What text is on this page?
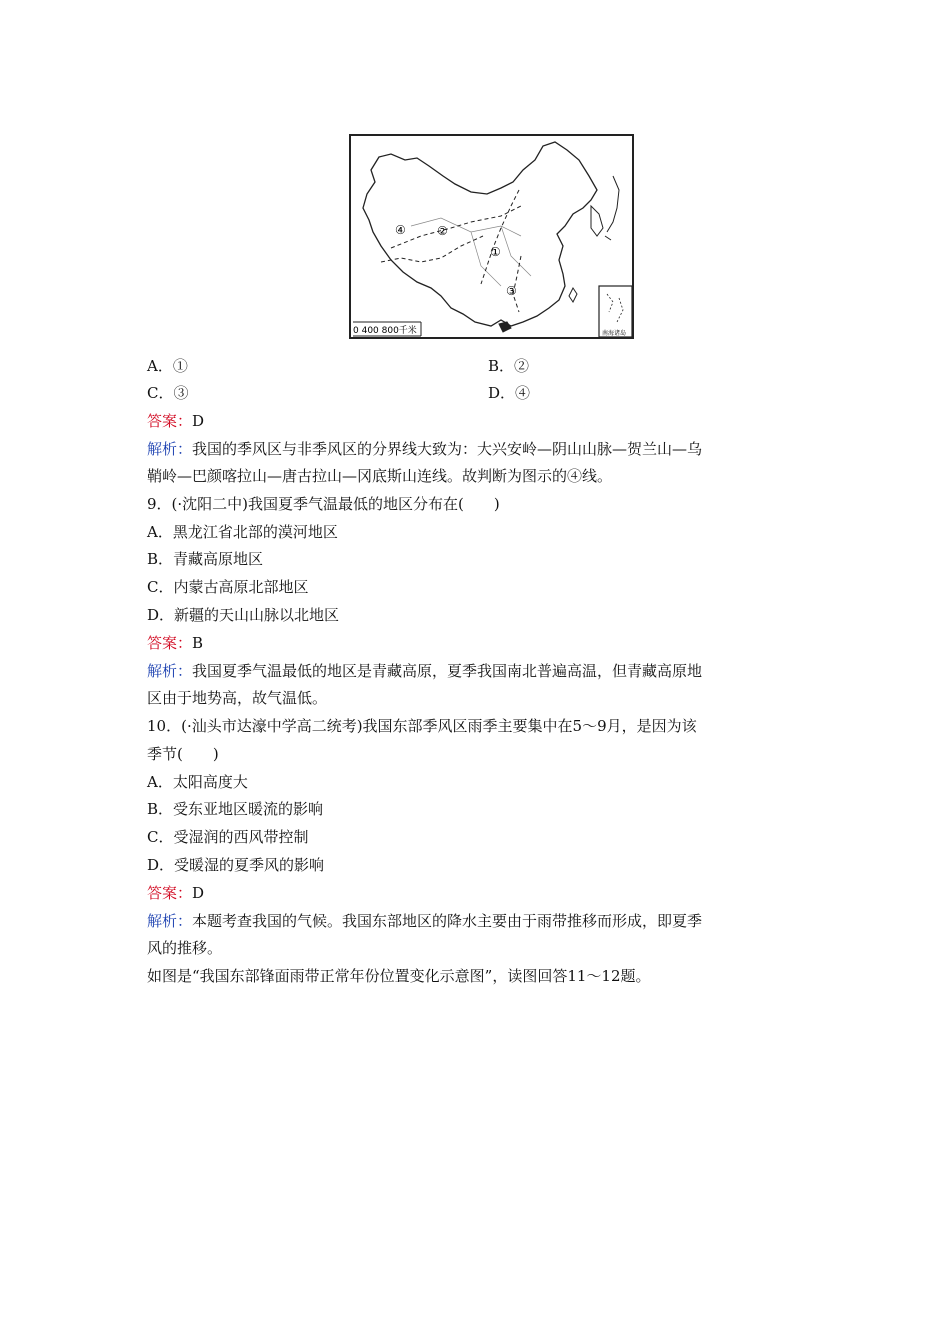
②
①
③
④
0 400 800千米	南海诸岛
A．①	B．②
C．③	D．④
答案：D
解析：我国的季风区与非季风区的分界线大致为：大兴安岭—阴山山脉—贺兰山—乌
鞘岭—巴颜喀拉山—唐古拉山—冈底斯山连线。故判断为图示的④线。
9．(·沈阳二中)我国夏季气温最低的地区分布在(　　)
A．黑龙江省北部的漠河地区
B．青藏高原地区
C．内蒙古高原北部地区
D．新疆的天山山脉以北地区
答案：B
解析：我国夏季气温最低的地区是青藏高原，夏季我国南北普遍高温，但青藏高原地
区由于地势高，故气温低。
10．(·汕头市达濠中学高二统考)我国东部季风区雨季主要集中在5～9月，是因为该
季节(　　)
A．太阳高度大
B．受东亚地区暖流的影响
C．受湿润的西风带控制
D．受暖湿的夏季风的影响
答案：D
解析：本题考查我国的气候。我国东部地区的降水主要由于雨带推移而形成，即夏季
风的推移。
如图是“我国东部锋面雨带正常年份位置变化示意图”，读图回答11～12题。
